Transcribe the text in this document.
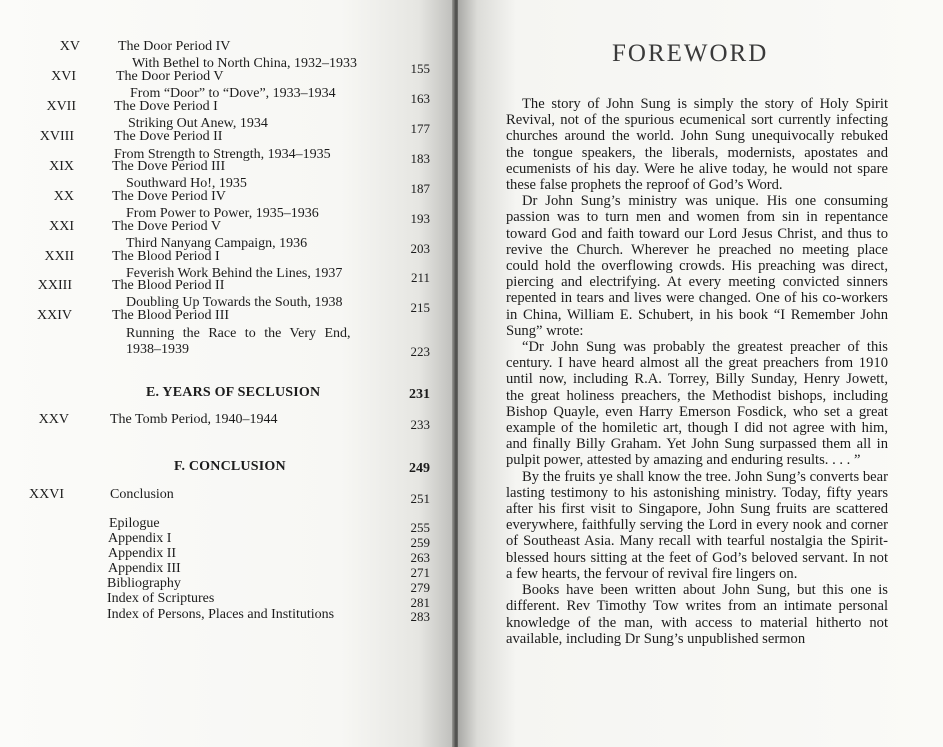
XV	The Door Period IV
With Bethel to North China, 1932–1933	155
XVI	The Door Period V
From “Door” to “Dove”, 1933–1934	163
XVII	The Dove Period I
Striking Out Anew, 1934	177
XVIII	The Dove Period II
From Strength to Strength, 1934–1935	183
XIX	The Dove Period III
Southward Ho!, 1935	187
XX	The Dove Period IV
From Power to Power, 1935–1936	193
XXI	The Dove Period V
Third Nanyang Campaign, 1936	203
XXII	The Blood Period I
Feverish Work Behind the Lines, 1937	211
XXIII	The Blood Period II
Doubling Up Towards the South, 1938	215
XXIV	The Blood Period III
Running the Race to the Very End,
1938–1939	223
E. YEARS OF SECLUSION	231
XXV	The Tomb Period, 1940–1944	233
F. CONCLUSION	249
XXVI	Conclusion	251
Epilogue	255
Appendix I	259
Appendix II	263
Appendix III	271
Bibliography	279
Index of Scriptures	281
Index of Persons, Places and Institutions	283
FOREWORD

The story of John Sung is simply the story of Holy Spirit Revival, not of the spurious ecumenical sort currently infecting churches around the world. John Sung unequivocally rebuked the tongue speakers, the liberals, modernists, apostates and ecumenists of his day. Were he alive today, he would not spare these false prophets the reproof of God’s Word.

Dr John Sung’s ministry was unique. His one consuming passion was to turn men and women from sin in repentance toward God and faith toward our Lord Jesus Christ, and thus to revive the Church. Wherever he preached no meeting place could hold the overflowing crowds. His preaching was direct, piercing and electrifying. At every meeting convicted sinners repented in tears and lives were changed. One of his co-workers in China, William E. Schubert, in his book “I Remember John Sung” wrote:

“Dr John Sung was probably the greatest preacher of this century. I have heard almost all the great preachers from 1910 until now, including R.A. Torrey, Billy Sunday, Henry Jowett, the great holiness preachers, the Methodist bishops, including Bishop Quayle, even Harry Emerson Fosdick, who set a great example of the homiletic art, though I did not agree with him, and finally Billy Graham. Yet John Sung surpassed them all in pulpit power, attested by amazing and enduring results. . . . ”

By the fruits ye shall know the tree. John Sung’s converts bear lasting testimony to his astonishing ministry. Today, fifty years after his first visit to Singapore, John Sung fruits are scattered everywhere, faithfully serving the Lord in every nook and corner of Southeast Asia. Many recall with tearful nostalgia the Spirit-blessed hours sitting at the feet of God’s beloved servant. In not a few hearts, the fervour of revival fire lingers on.

Books have been written about John Sung, but this one is different. Rev Timothy Tow writes from an intimate personal knowledge of the man, with access to material hitherto not available, including Dr Sung’s unpublished sermon
